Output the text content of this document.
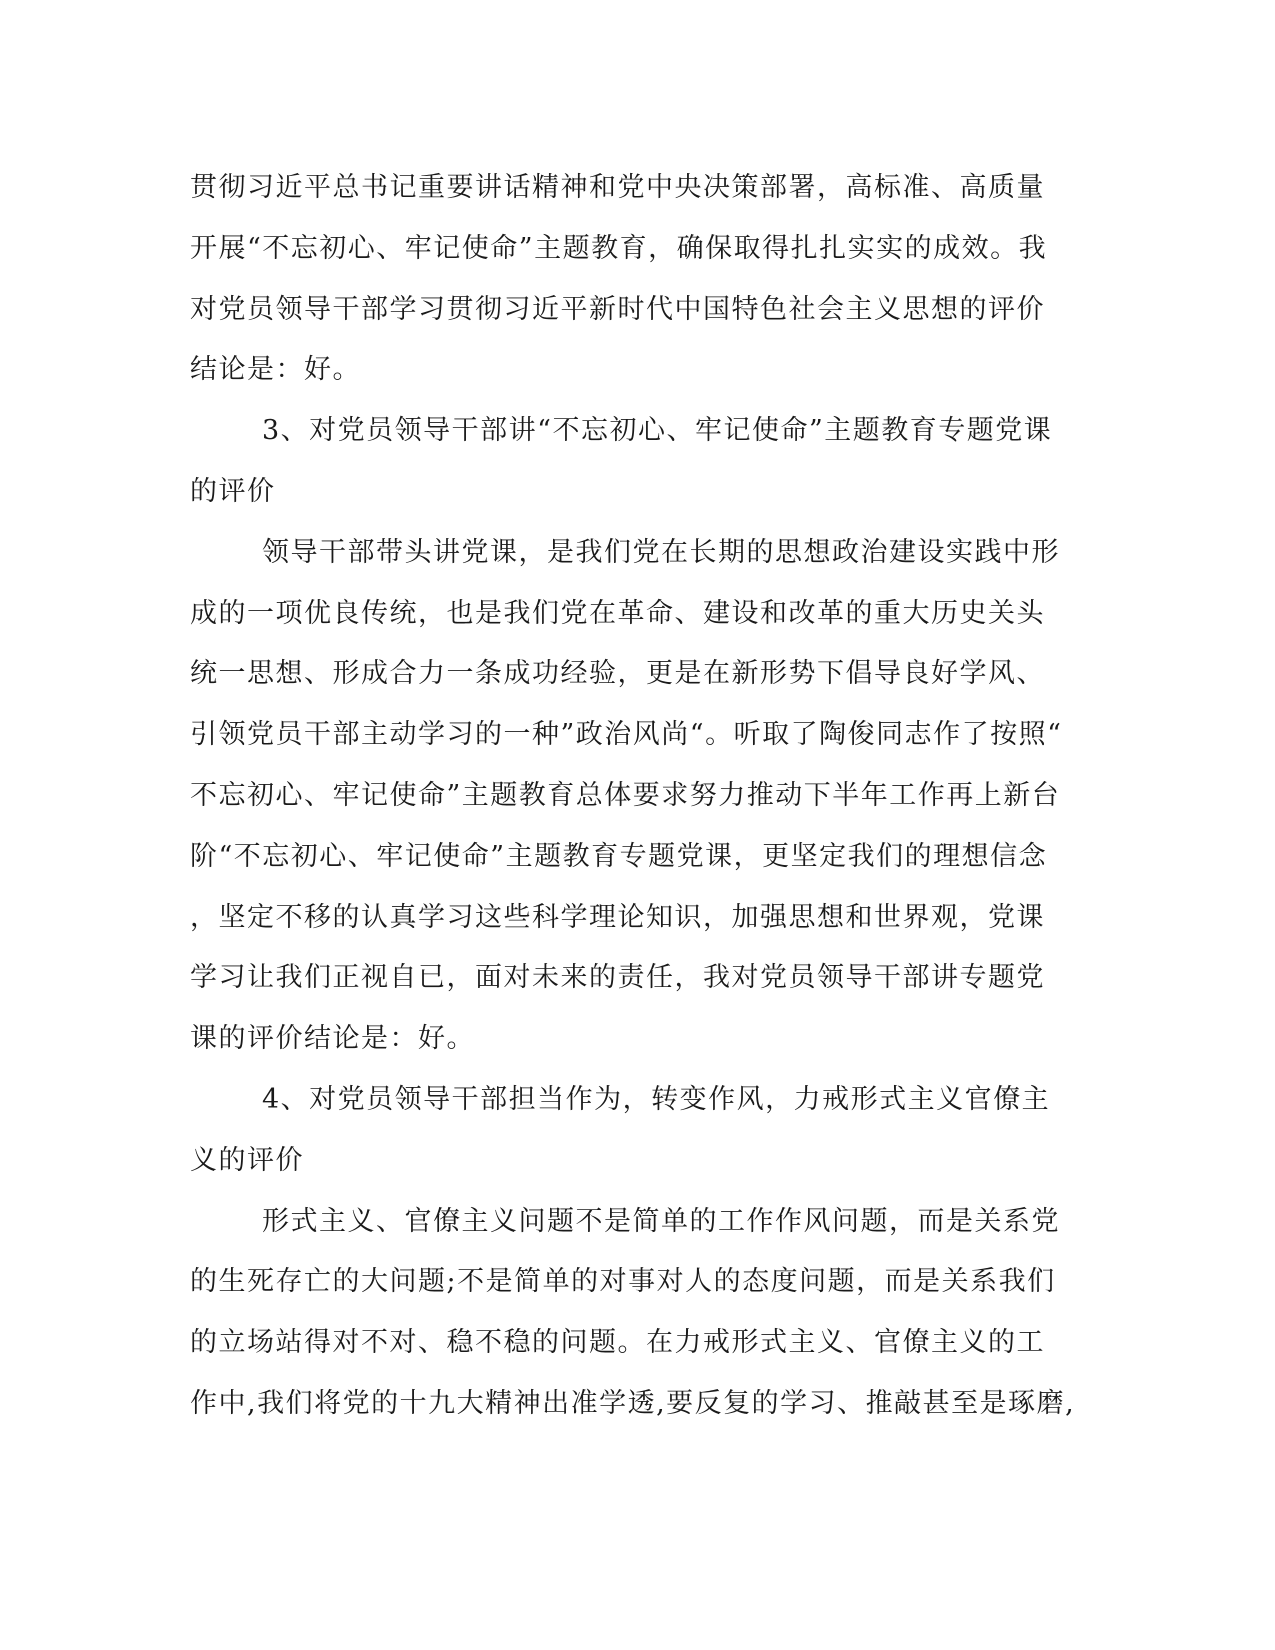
贯彻习近平总书记重要讲话精神和党中央决策部署，高标准、高质量
开展“不忘初心、牢记使命”主题教育，确保取得扎扎实实的成效。我
对党员领导干部学习贯彻习近平新时代中国特色社会主义思想的评价
结论是：好。
3、对党员领导干部讲“不忘初心、牢记使命”主题教育专题党课
的评价
领导干部带头讲党课，是我们党在长期的思想政治建设实践中形
成的一项优良传统，也是我们党在革命、建设和改革的重大历史关头
统一思想、形成合力一条成功经验，更是在新形势下倡导良好学风、
引领党员干部主动学习的一种”政治风尚“。听取了陶俊同志作了按照“
不忘初心、牢记使命”主题教育总体要求努力推动下半年工作再上新台
阶“不忘初心、牢记使命”主题教育专题党课，更坚定我们的理想信念
，坚定不移的认真学习这些科学理论知识，加强思想和世界观，党课
学习让我们正视自已，面对未来的责任，我对党员领导干部讲专题党
课的评价结论是：好。
4、对党员领导干部担当作为，转变作风，力戒形式主义官僚主
义的评价
形式主义、官僚主义问题不是简单的工作作风问题，而是关系党
的生死存亡的大问题;不是简单的对事对人的态度问题，而是关系我们
的立场站得对不对、稳不稳的问题。在力戒形式主义、官僚主义的工
作中,我们将党的十九大精神出准学透,要反复的学习、推敲甚至是琢磨,
